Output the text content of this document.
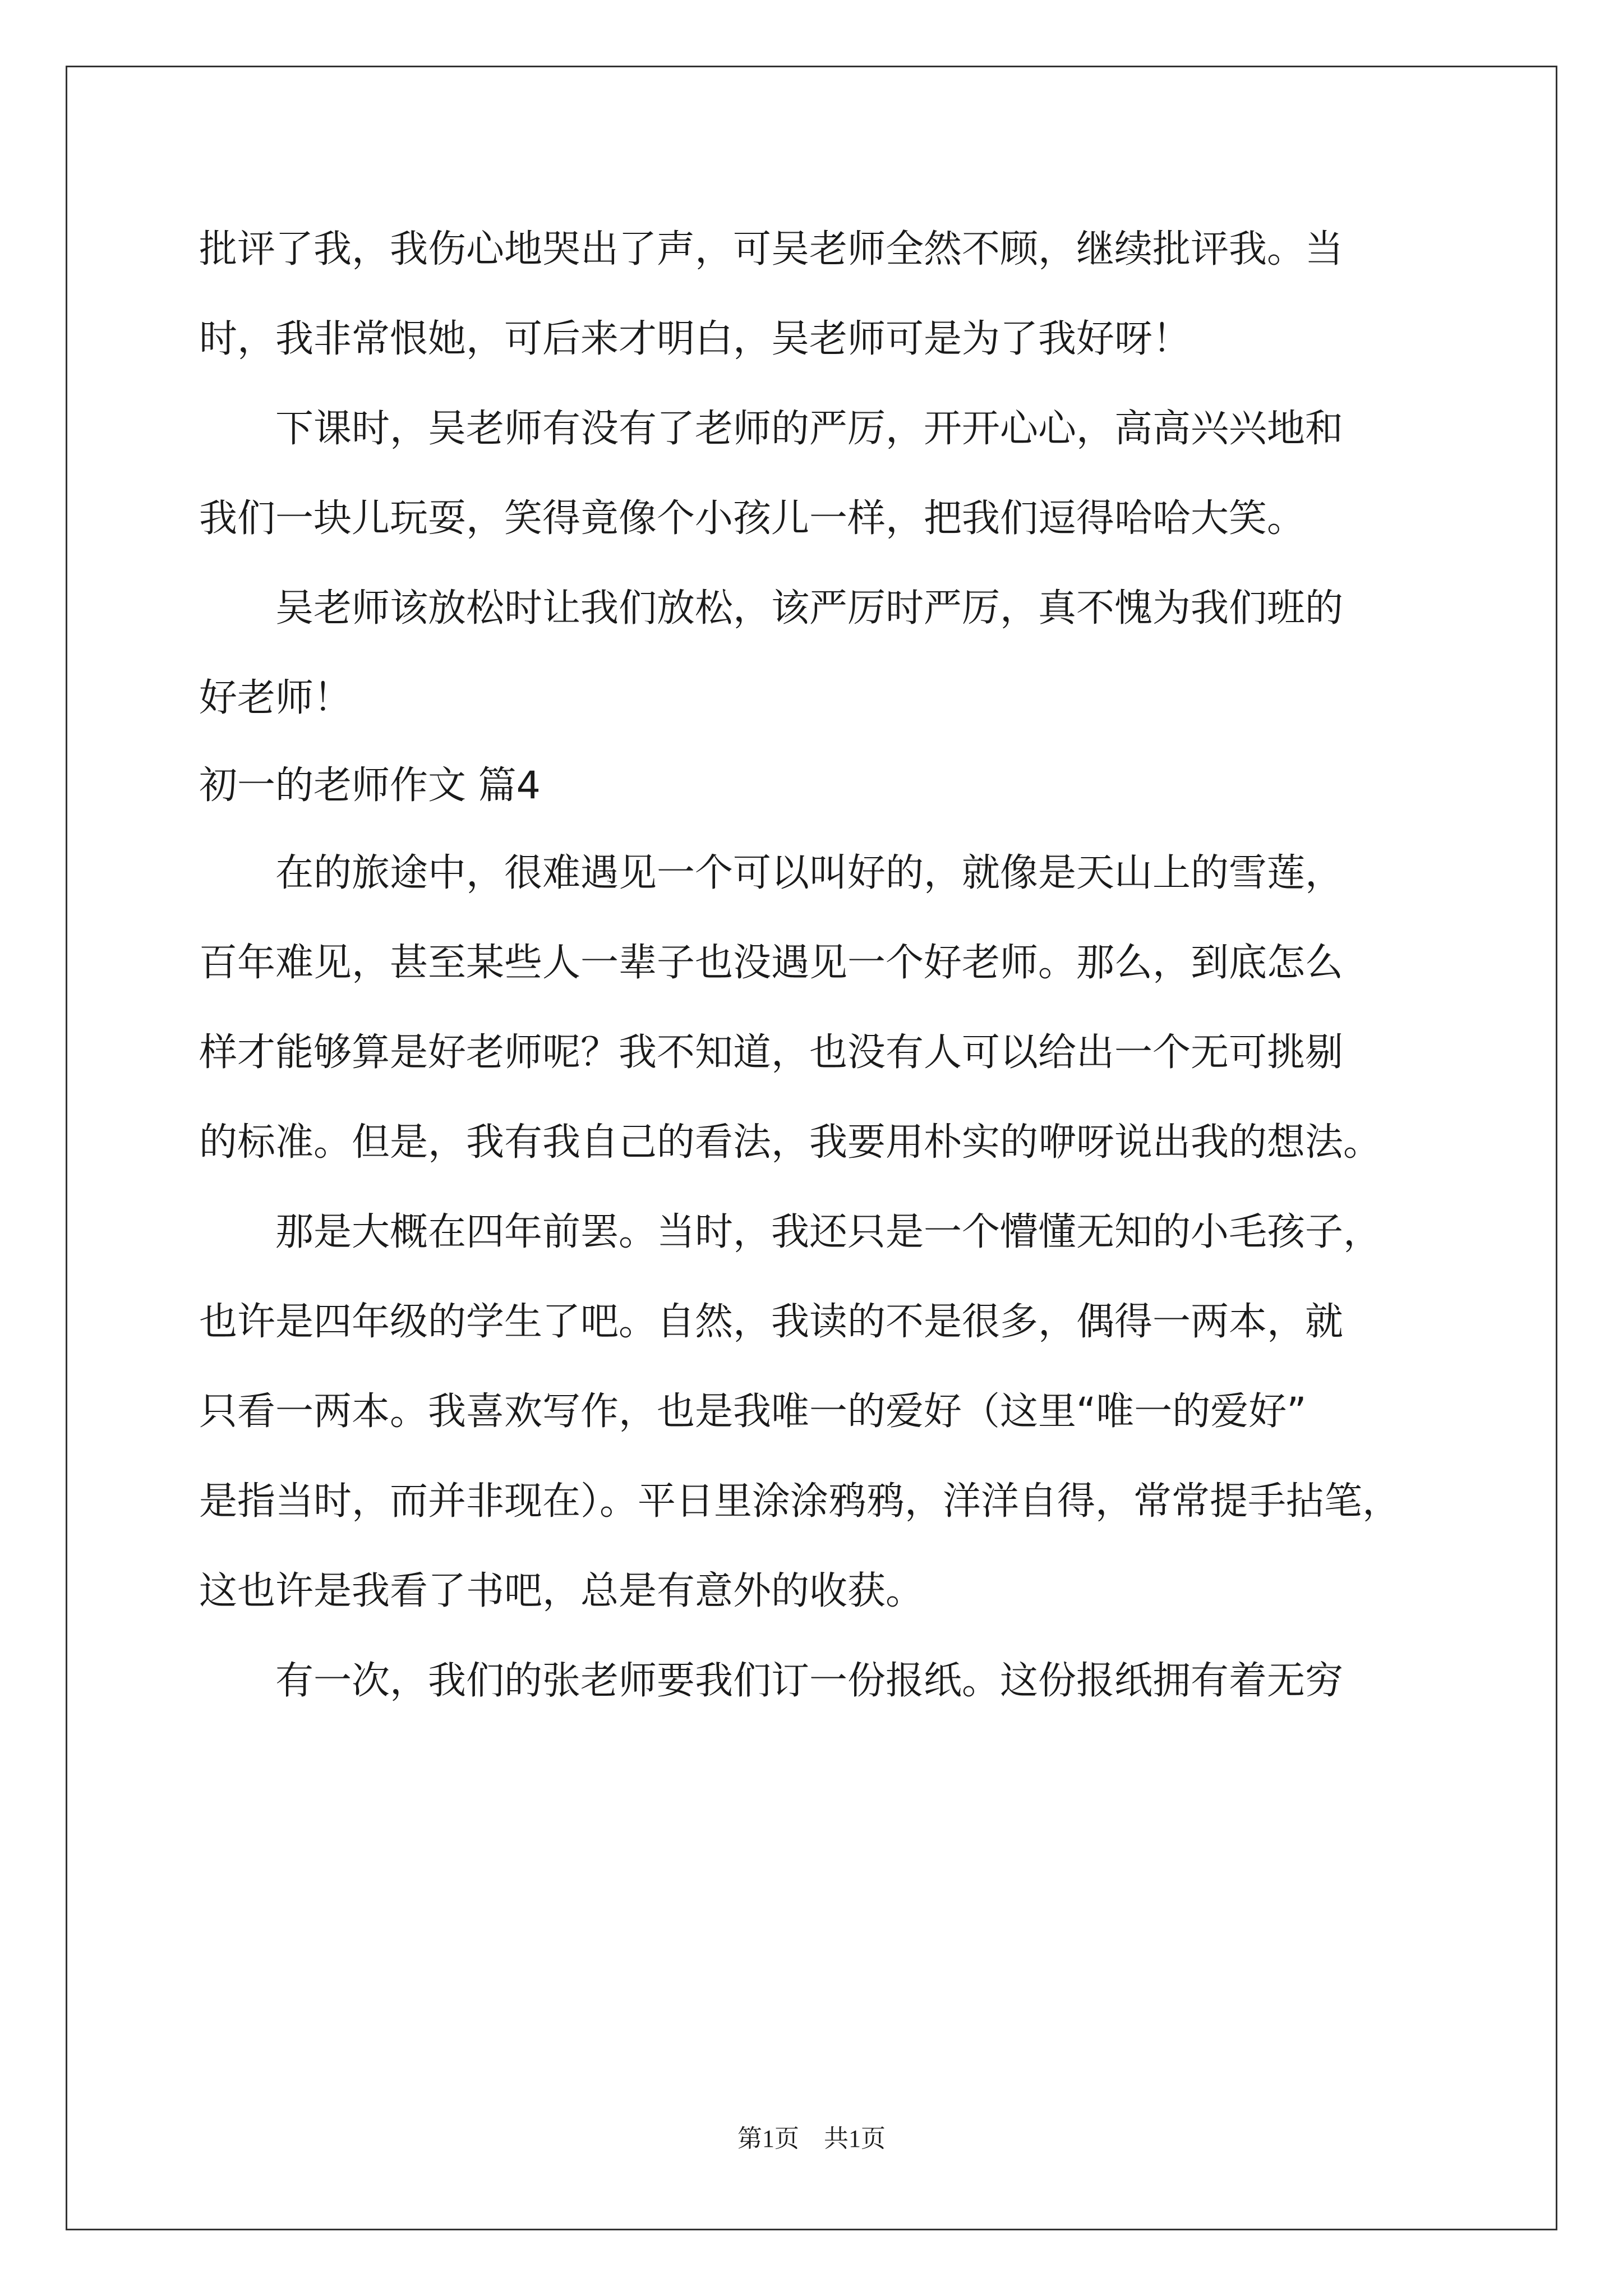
批评了我，我伤心地哭出了声，可吴老师全然不顾，继续批评我。当
时，我非常恨她，可后来才明白，吴老师可是为了我好呀！
下课时，吴老师有没有了老师的严厉，开开心心，高高兴兴地和
我们一块儿玩耍，笑得竟像个小孩儿一样，把我们逗得哈哈大笑。
吴老师该放松时让我们放松，该严厉时严厉，真不愧为我们班的
好老师！
初一的老师作文 篇4
在的旅途中，很难遇见一个可以叫好的，就像是天山上的雪莲，
百年难见，甚至某些人一辈子也没遇见一个好老师。那么，到底怎么
样才能够算是好老师呢？我不知道，也没有人可以给出一个无可挑剔
的标准。但是，我有我自己的看法，我要用朴实的咿呀说出我的想法。
那是大概在四年前罢。当时，我还只是一个懵懂无知的小毛孩子，
也许是四年级的学生了吧。自然，我读的不是很多，偶得一两本，就
只看一两本。我喜欢写作，也是我唯一的爱好（这里“唯一的爱好”
是指当时，而并非现在）。平日里涂涂鸦鸦，洋洋自得，常常提手拈笔，
这也许是我看了书吧，总是有意外的收获。
有一次，我们的张老师要我们订一份报纸。这份报纸拥有着无穷
第1页　共1页
